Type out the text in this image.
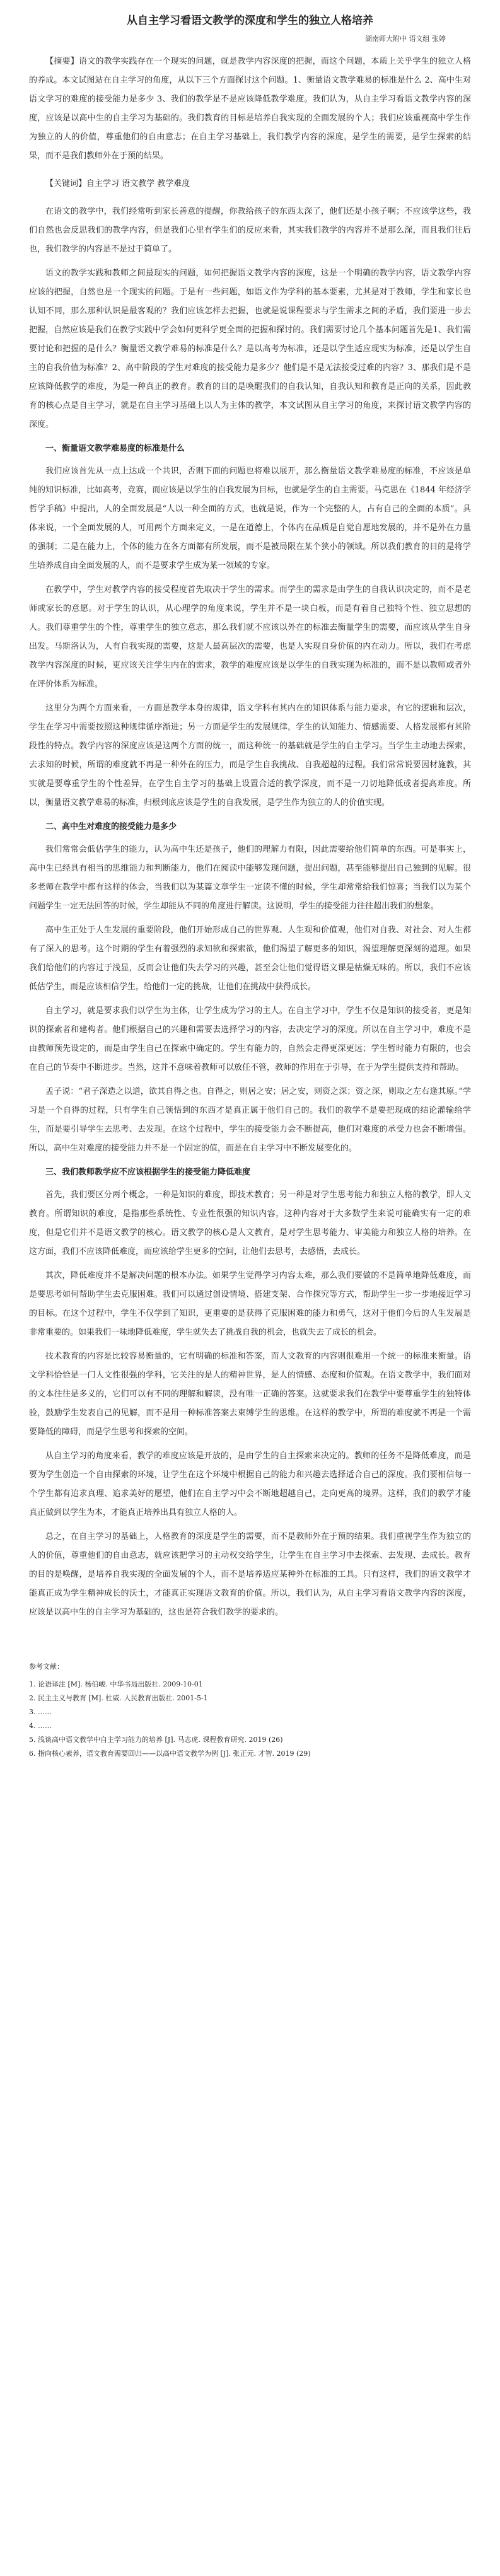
从自主学习看语文教学的深度和学生的独立人格培养
湖南师大附中 语文组 张婷

【摘要】语文的教学实践存在一个现实的问题，就是教学内容深度的把握，而这个问题，本质上关乎学生的独立人格的养成。本文试图站在自主学习的角度，从以下三个方面探讨这个问题。1、衡量语文教学难易的标准是什么 2、高中生对语文学习的难度的接受能力是多少 3、我们的教学是不是应该降低教学难度。我们认为，从自主学习看语文教学内容的深度，应该是以高中生的自主学习为基础的。我们教育的目标是培养自我实现的全面发展的个人；我们应该重视高中学生作为独立的人的价值，尊重他们的自由意志；在自主学习基础上，我们教学内容的深度，是学生的需要，是学生探索的结果，而不是我们教师外在于预的结果。

【关键词】自主学习 语文教学 教学难度

在语文的教学中，我们经常听到家长善意的提醒，你教给孩子的东西太深了，他们还是小孩子啊；不应该学这些，我们自然也会反思我们的教学内容，但是我们心里有学生们的反应来看，其实我们教学的内容并不是那么深，而且我们往后也，我们教学的内容是不是过于简单了。

语文的教学实践和教师之间最现实的问题，如何把握语文教学内容的深度，这是一个明确的教学内容，语文教学内容应该的把握，自然也是一个现实的问题。于是有一些问题，如语文作为学科的基本要素，尤其是对于教师，学生和家长也认知不同，那么那种认识是最客观的？我们应该怎样去把握，也就是说课程要求与学生需求之间的矛盾，我们要进一步去把握，自然应该是我们在教学实践中学会如何更科学更全面的把握和探讨的。我们需要讨论几个基本问题首先是1、我们需要讨论和把握的是什么？衡量语文教学难易的标准是什么？是以高考为标准，还是以学生适应现实为标准，还是以学生自主的自我价值为标准？2、高中阶段的学生对难度的接受能力是多少？他们是不是无法接受过难的内容？3、那我们是不是应该降低教学的难度，为是一种真正的教育。教育的目的是唤醒我们的自我认知，自我认知和教育是正向的关系，因此教育的核心点是自主学习，就是在自主学习基础上以人为主体的教学，本文试图从自主学习的角度，来探讨语文教学内容的深度。

一、衡量语文教学难易度的标准是什么

我们应该首先从一点上达成一个共识，否则下面的问题也将难以展开，那么衡量语文教学难易度的标准，不应该是单纯的知识标准，比如高考，竞赛，而应该是以学生的自我发展为目标，也就是学生的自主需要。马克思在《1844 年经济学哲学手稿》中提出，人的全面发展是“人以一种全面的方式，也就是说，作为一个完整的人，占有自己的全面的本质”。具体来说，一个全面发展的人，可用两个方面来定义，一是在道德上，个体内在品质是自觉自愿地发展的，并不是外在力量的强制；二是在能力上，个体的能力在各方面都有所发展，而不是被局限在某个狭小的领域。所以我们教育的目的是将学生培养成自由全面发展的人，而不是要求学生成为某一领域的专家。

在教学中，学生对教学内容的接受程度首先取决于学生的需求。而学生的需求是由学生的自我认识决定的，而不是老师或家长的意愿。对于学生的认识，从心理学的角度来说，学生并不是一块白板，而是有着自己独特个性、独立思想的人。我们尊重学生的个性，尊重学生的独立意志，那么我们就不应该以外在的标准去衡量学生的需要，而应该从学生自身出发。马斯洛认为，人有自我实现的需要，这是人最高层次的需要，也是人实现自身价值的内在动力。所以，我们在考虑教学内容深度的时候，更应该关注学生内在的需求，教学的难度应该是以学生的自我实现为标准的，而不是以教师或者外在评价体系为标准。

这里分为两个方面来看，一方面是教学本身的规律，语文学科有其内在的知识体系与能力要求，有它的逻辑和层次，学生在学习中需要按照这种规律循序渐进；另一方面是学生的发展规律，学生的认知能力、情感需要、人格发展都有其阶段性的特点。教学内容的深度应该是这两个方面的统一，而这种统一的基础就是学生的自主学习。当学生主动地去探索，去求知的时候，所谓的难度就不再是一种外在的压力，而是学生自我挑战、自我超越的过程。我们常常说要因材施教，其实就是要尊重学生的个性差异，在学生自主学习的基础上设置合适的教学深度，而不是一刀切地降低或者提高难度。所以，衡量语文教学难易的标准，归根到底应该是学生的自我发展，是学生作为独立的人的价值实现。

二、高中生对难度的接受能力是多少

我们常常会低估学生的能力，认为高中生还是孩子，他们的理解力有限，因此需要给他们简单的东西。可是事实上，高中生已经具有相当的思维能力和判断能力，他们在阅读中能够发现问题，提出问题，甚至能够提出自己独到的见解。很多老师在教学中都有这样的体会，当我们以为某篇文章学生一定读不懂的时候，学生却常常给我们惊喜；当我们以为某个问题学生一定无法回答的时候，学生却能从不同的角度进行解读。这说明，学生的接受能力往往超出我们的想象。

高中生正处于人生发展的重要阶段，他们开始形成自己的世界观、人生观和价值观，他们对自我、对社会、对人生都有了深入的思考。这个时期的学生有着强烈的求知欲和探索欲，他们渴望了解更多的知识，渴望理解更深刻的道理。如果我们给他们的内容过于浅显，反而会让他们失去学习的兴趣，甚至会让他们觉得语文课是枯燥无味的。所以，我们不应该低估学生，而是应该相信学生，给他们一定的挑战，让他们在挑战中获得成长。

自主学习，就是要求我们以学生为主体，让学生成为学习的主人。在自主学习中，学生不仅是知识的接受者，更是知识的探索者和建构者。他们根据自己的兴趣和需要去选择学习的内容，去决定学习的深度。所以在自主学习中，难度不是由教师预先设定的，而是由学生自己在探索中确定的。学生有能力的，自然会走得更深更远；学生暂时能力有限的，也会在自己的节奏中不断进步。当然，这并不意味着教师可以放任不管，教师的作用在于引导，在于为学生提供支持和帮助。

孟子说：“君子深造之以道，欲其自得之也。自得之，则居之安；居之安，则资之深；资之深，则取之左右逢其原。”学习是一个自得的过程，只有学生自己领悟到的东西才是真正属于他们自己的。我们的教学不是要把现成的结论灌输给学生，而是要引导学生去思考、去发现。在这个过程中，学生的接受能力会不断提高，他们对难度的承受力也会不断增强。所以，高中生对难度的接受能力并不是一个固定的值，而是在自主学习中不断发展变化的。

三、我们教师教学应不应该根据学生的接受能力降低难度

首先，我们要区分两个概念，一种是知识的难度，即技术教育；另一种是对学生思考能力和独立人格的教学，即人文教育。所谓知识的难度，是指那些系统性、专业性很强的知识内容，这种内容对于大多数学生来说可能确实有一定的难度，但是它们并不是语文教学的核心。语文教学的核心是人文教育，是对学生思考能力、审美能力和独立人格的培养。在这方面，我们不应该降低难度，而应该给学生更多的空间，让他们去思考，去感悟，去成长。

其次，降低难度并不是解决问题的根本办法。如果学生觉得学习内容太难，那么我们要做的不是简单地降低难度，而是要思考如何帮助学生去克服困难。我们可以通过创设情境、搭建支架、合作探究等方式，帮助学生一步一步地接近学习的目标。在这个过程中，学生不仅学到了知识，更重要的是获得了克服困难的能力和勇气，这对于他们今后的人生发展是非常重要的。如果我们一味地降低难度，学生就失去了挑战自我的机会，也就失去了成长的机会。

技术教育的内容是比较容易衡量的，它有明确的标准和答案，而人文教育的内容则很难用一个统一的标准来衡量。语文学科恰恰是一门人文性很强的学科，它关注的是人的精神世界，是人的情感、态度和价值观。在语文教学中，我们面对的文本往往是多义的，它们可以有不同的理解和解读，没有唯一正确的答案。这就要求我们在教学中要尊重学生的独特体验，鼓励学生发表自己的见解，而不是用一种标准答案去束缚学生的思维。在这样的教学中，所谓的难度就不再是一个需要降低的障碍，而是学生思考和探索的空间。

从自主学习的角度来看，教学的难度应该是开放的，是由学生的自主探索来决定的。教师的任务不是降低难度，而是要为学生创造一个自由探索的环境，让学生在这个环境中根据自己的能力和兴趣去选择适合自己的深度。我们要相信每一个学生都有追求真理、追求美好的愿望，他们在自主学习中会不断地超越自己，走向更高的境界。这样，我们的教学才能真正做到以学生为本，才能真正培养出具有独立人格的人。

总之，在自主学习的基础上，人格教育的深度是学生的需要，而不是教师外在于预的结果。我们重视学生作为独立的人的价值，尊重他们的自由意志，就应该把学习的主动权交给学生，让学生在自主学习中去探索、去发现、去成长。教育的目的是唤醒，是培养自我实现的全面发展的个人，而不是培养适应某种外在标准的工具。只有这样，我们的语文教学才能真正成为学生精神成长的沃土，才能真正实现语文教育的价值。所以，我们认为，从自主学习看语文教学内容的深度，应该是以高中生的自主学习为基础的，这也是符合我们教学的要求的。

参考文献：
1. 论语译注 [M]. 杨伯峻. 中华书局出版社. 2009-10-01
2. 民主主义与教育 [M]. 杜威. 人民教育出版社. 2001-5-1
3. ……
4. ……
5. 浅谈高中语文教学中自主学习能力的培养 [J]. 马志虎. 课程教育研究. 2019 (26)
6. 指向核心素养，语文教育需要回归——以高中语文教学为例 [J]. 张正元. 才智. 2019 (29)
